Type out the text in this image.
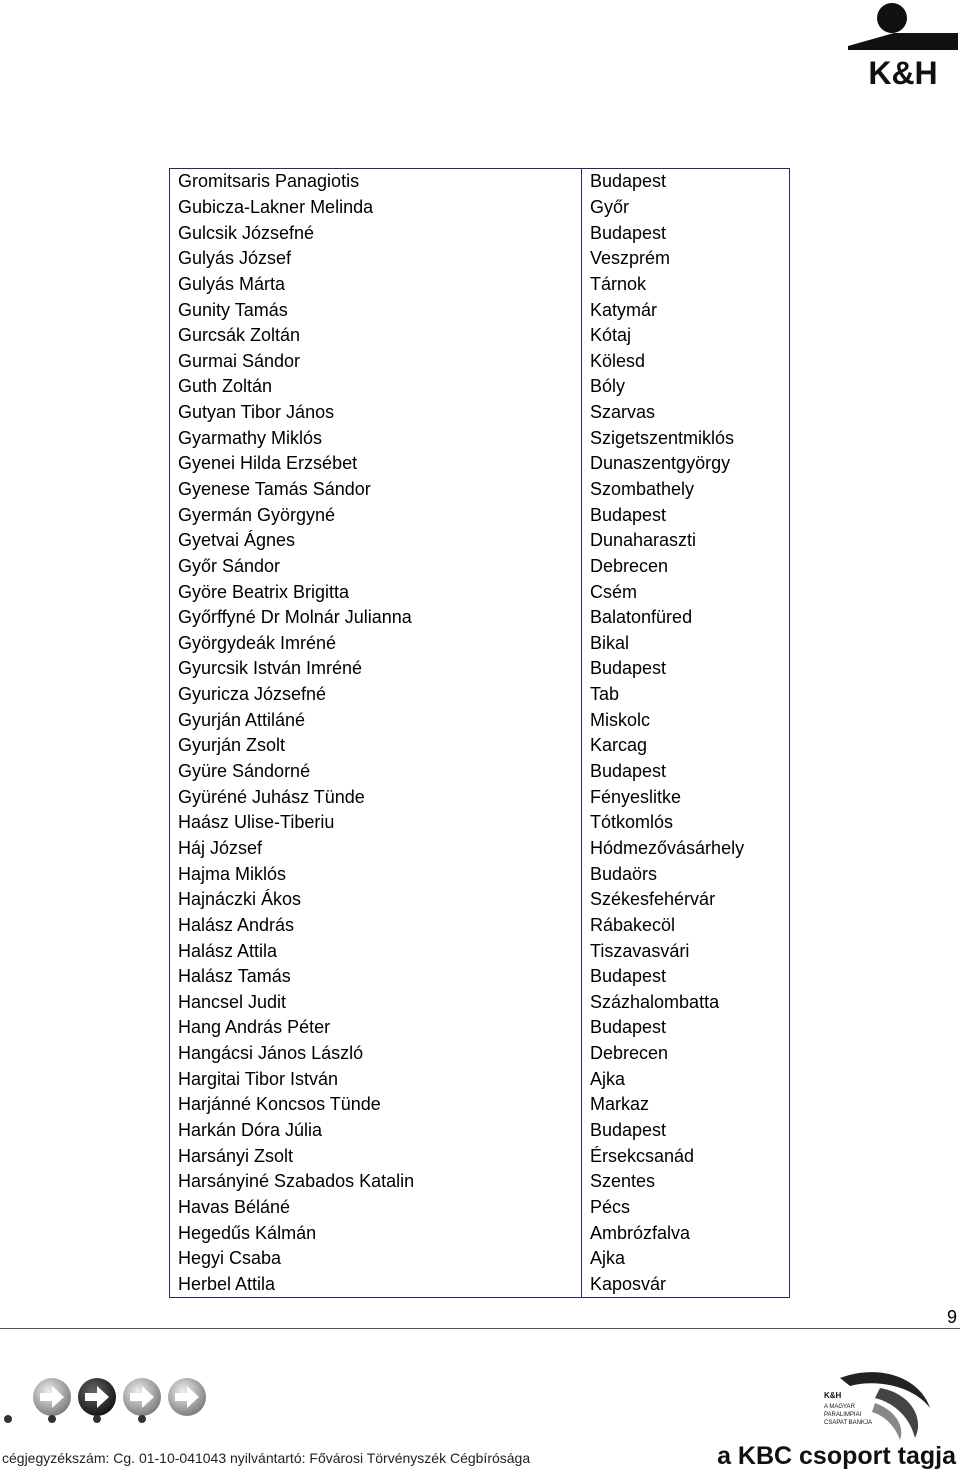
K&H
Gromitsaris Panagiotis	Budapest
Gubicza-Lakner Melinda	Győr
Gulcsik Józsefné	Budapest
Gulyás József	Veszprém
Gulyás Márta	Tárnok
Gunity Tamás	Katymár
Gurcsák Zoltán	Kótaj
Gurmai Sándor	Kölesd
Guth Zoltán	Bóly
Gutyan Tibor János	Szarvas
Gyarmathy Miklós	Szigetszentmiklós
Gyenei Hilda Erzsébet	Dunaszentgyörgy
Gyenese Tamás Sándor	Szombathely
Gyermán Györgyné	Budapest
Gyetvai Ágnes	Dunaharaszti
Győr Sándor	Debrecen
Györe Beatrix Brigitta	Csém
Győrffyné Dr Molnár Julianna	Balatonfüred
Györgydeák Imréné	Bikal
Gyurcsik István Imréné	Budapest
Gyuricza Józsefné	Tab
Gyurján Attiláné	Miskolc
Gyurján Zsolt	Karcag
Gyüre Sándorné	Budapest
Gyüréné Juhász Tünde	Fényeslitke
Haász Ulise-Tiberiu	Tótkomlós
Háj József	Hódmezővásárhely
Hajma Miklós	Budaörs
Hajnáczki Ákos	Székesfehérvár
Halász András	Rábakecöl
Halász Attila	Tiszavasvári
Halász Tamás	Budapest
Hancsel Judit	Százhalombatta
Hang András Péter	Budapest
Hangácsi János László	Debrecen
Hargitai Tibor István	Ajka
Harjánné Koncsos Tünde	Markaz
Harkán Dóra Júlia	Budapest
Harsányi Zsolt	Érsekcsanád
Harsányiné Szabados Katalin	Szentes
Havas Béláné	Pécs
Hegedűs Kálmán	Ambrózfalva
Hegyi Csaba	Ajka
Herbel Attila	Kaposvár
9
K&H
A MAGYAR
PARALIMPIAI
CSAPAT BANKJA
cégjegyzékszám: Cg. 01-10-041043 nyilvántartó: Fővárosi Törvényszék Cégbírósága	a KBC csoport tagja
